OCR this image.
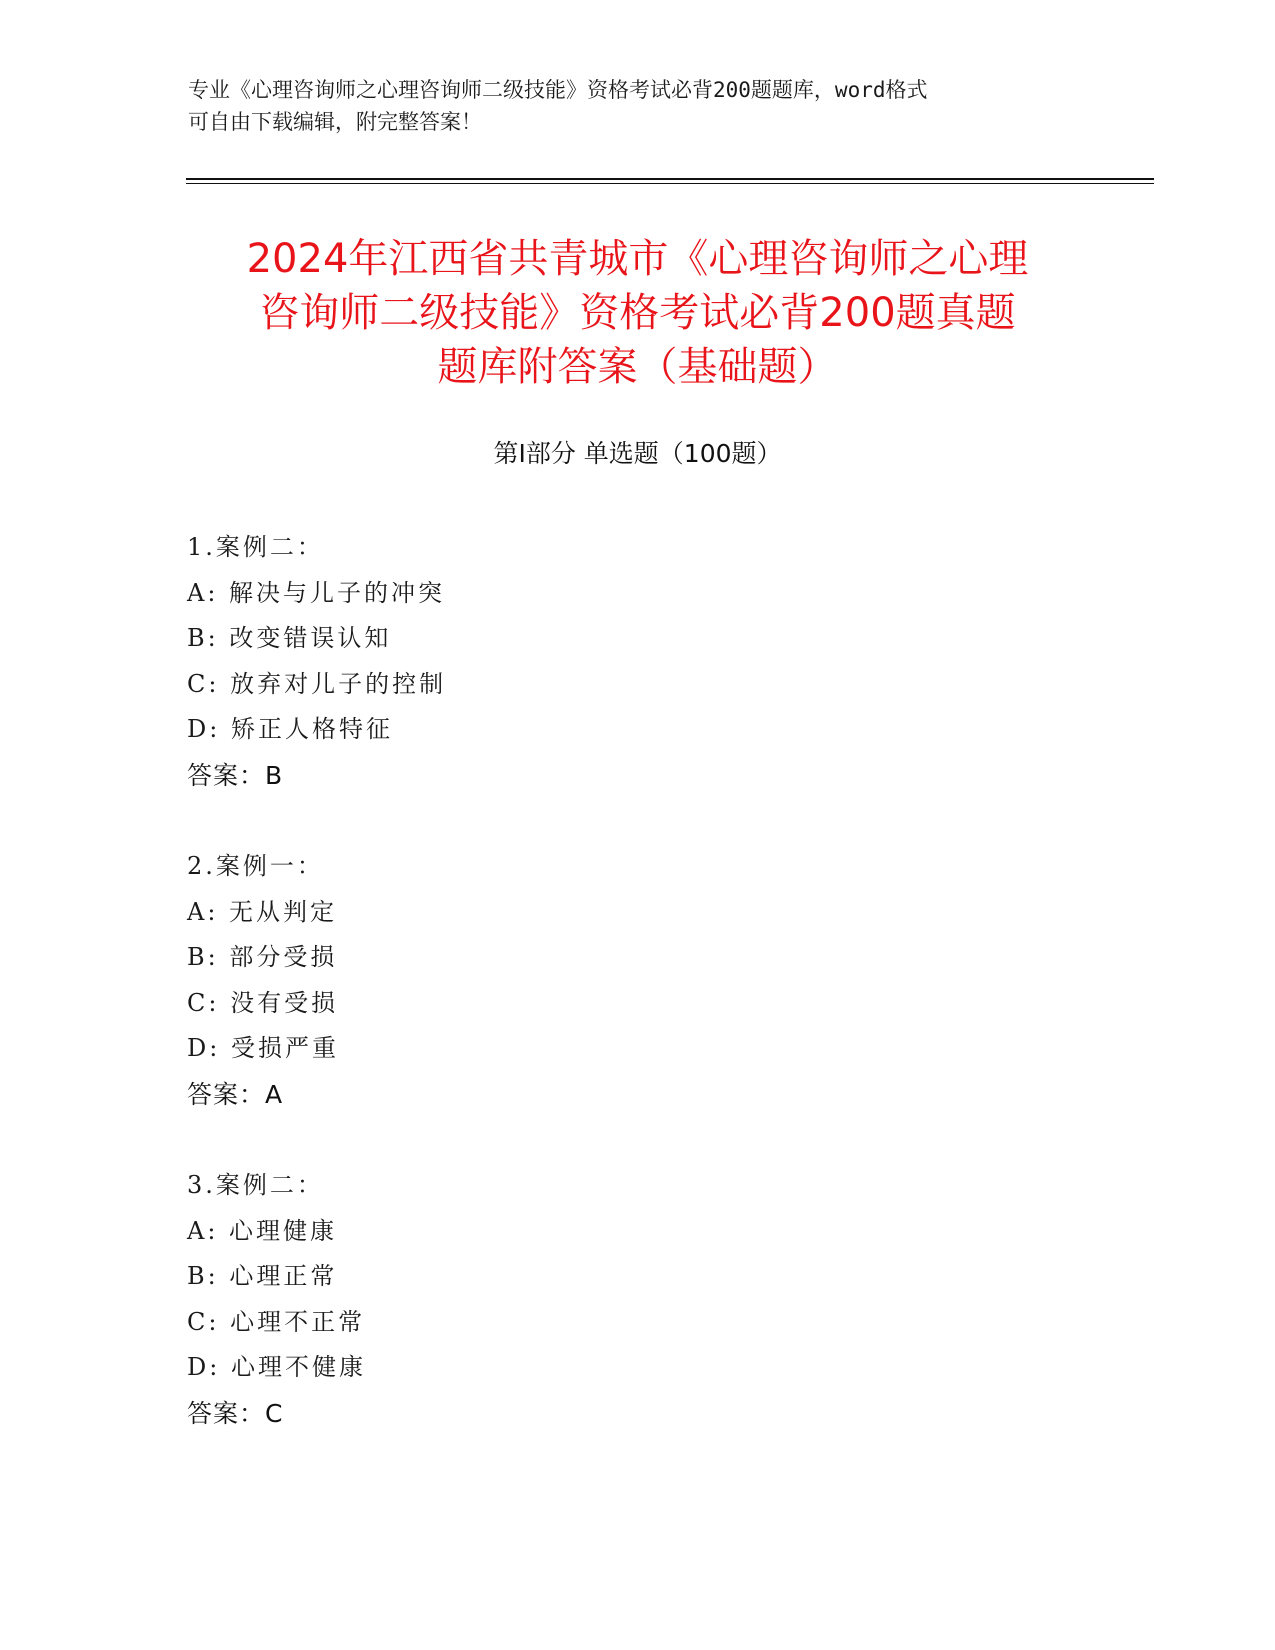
专业《心理咨询师之心理咨询师二级技能》资格考试必背200题题库，word格式
可自由下载编辑，附完整答案！
2024年江西省共青城市《心理咨询师之心理
咨询师二级技能》资格考试必背200题真题
题库附答案（基础题）
第Ⅰ部分 单选题（100题）
1.案例二：
A: 解决与儿子的冲突
B: 改变错误认知
C: 放弃对儿子的控制
D: 矫正人格特征
答案：B
2.案例一：
A: 无从判定
B: 部分受损
C: 没有受损
D: 受损严重
答案：A
3.案例二：
A: 心理健康
B: 心理正常
C: 心理不正常
D: 心理不健康
答案：C
